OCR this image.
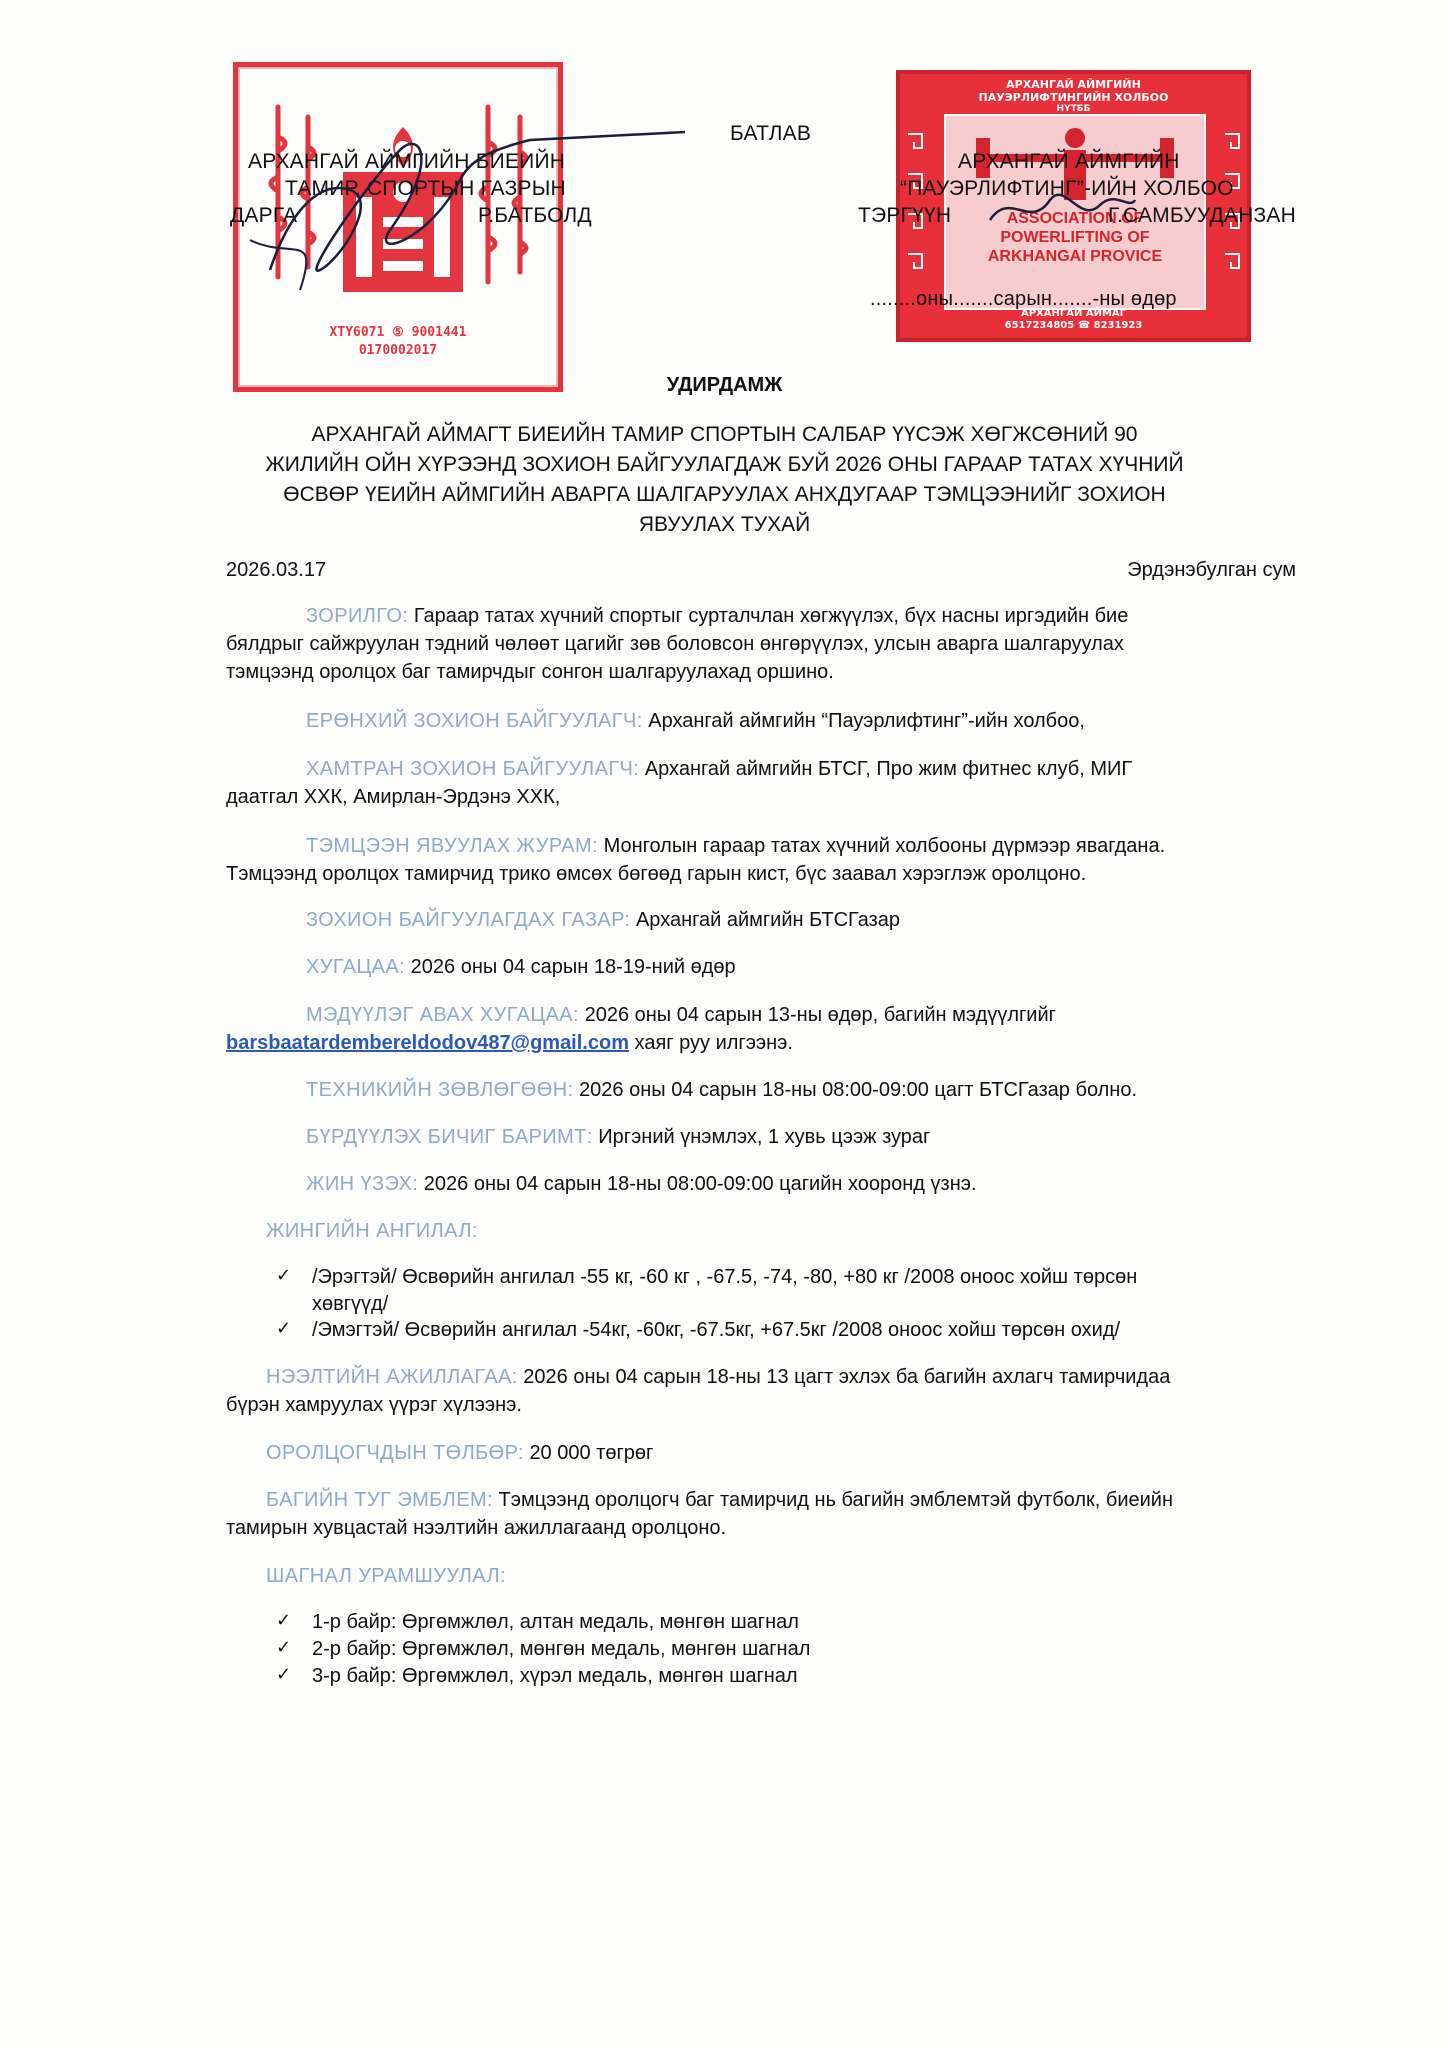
ХТҮ6071 ⑤ 9001441
0170002017
АРХАНГАЙ АЙМГИЙН
ПАУЭРЛИФТИНГИЙН ХОЛБОО
НҮТББ
ASSOCIATION OF
POWERLIFTING OF
ARKHANGAI PROVICE
АРХАНГАЙ АЙМАГ
6517234805 ☎ 8231923
АРХАНГАЙ АЙМГИЙН БИЕИЙН
ТАМИР, СПОРТЫН ГАЗРЫН
ДАРГА	Р.БАТБОЛД
БАТЛАВ
АРХАНГАЙ АЙМГИЙН
“ПАУЭРЛИФТИНГ”-ИЙН ХОЛБОО
ТЭРГҮҮН	Г.САМБУУДАНЗАН
........оны.......сарын.......-ны өдөр
УДИРДАМЖ
АРХАНГАЙ АЙМАГТ БИЕИЙН ТАМИР СПОРТЫН САЛБАР ҮҮСЭЖ ХӨГЖСӨНИЙ 90
ЖИЛИЙН ОЙН ХҮРЭЭНД ЗОХИОН БАЙГУУЛАГДАЖ БУЙ 2026 ОНЫ ГАРААР ТАТАХ ХҮЧНИЙ
ӨСВӨР ҮЕИЙН АЙМГИЙН АВАРГА ШАЛГАРУУЛАХ АНХДУГААР ТЭМЦЭЭНИЙГ ЗОХИОН
ЯВУУЛАХ ТУХАЙ
2026.03.17	Эрдэнэбулган сум
ЗОРИЛГО: Гараар татах хүчний спортыг сурталчлан хөгжүүлэх, бүх насны иргэдийн бие
бялдрыг сайжруулан тэдний чөлөөт цагийг зөв боловсон өнгөрүүлэх, улсын аварга шалгаруулах
тэмцээнд оролцох баг тамирчдыг сонгон шалгаруулахад оршино.
ЕРӨНХИЙ ЗОХИОН БАЙГУУЛАГЧ: Архангай аймгийн “Пауэрлифтинг”-ийн холбоо,
ХАМТРАН ЗОХИОН БАЙГУУЛАГЧ: Архангай аймгийн БТСГ, Про жим фитнес клуб, МИГ
даатгал ХХК, Амирлан-Эрдэнэ ХХК,
ТЭМЦЭЭН ЯВУУЛАХ ЖУРАМ: Монголын гараар татах хүчний холбооны дүрмээр явагдана.
Тэмцээнд оролцох тамирчид трико өмсөх бөгөөд гарын кист, бүс заавал хэрэглэж оролцоно.
ЗОХИОН БАЙГУУЛАГДАХ ГАЗАР: Архангай аймгийн БТСГазар
ХУГАЦАА: 2026 оны 04 сарын 18-19-ний өдөр
МЭДҮҮЛЭГ АВАХ ХУГАЦАА: 2026 оны 04 сарын 13-ны өдөр, багийн мэдүүлгийг
barsbaatardembereldodov487@gmail.com хаяг руу илгээнэ.
ТЕХНИКИЙН ЗӨВЛӨГӨӨН: 2026 оны 04 сарын 18-ны 08:00-09:00 цагт БТСГазар болно.
БҮРДҮҮЛЭХ БИЧИГ БАРИМТ: Иргэний үнэмлэх, 1 хувь цээж зураг
ЖИН ҮЗЭХ: 2026 оны 04 сарын 18-ны 08:00-09:00 цагийн хооронд үзнэ.
ЖИНГИЙН АНГИЛАЛ:
✓	/Эрэгтэй/ Өсвөрийн ангилал -55 кг, -60 кг , -67.5, -74, -80, +80 кг /2008 оноос хойш төрсөн
хөвгүүд/
✓	/Эмэгтэй/ Өсвөрийн ангилал -54кг, -60кг, -67.5кг, +67.5кг /2008 оноос хойш төрсөн охид/
НЭЭЛТИЙН АЖИЛЛАГАА: 2026 оны 04 сарын 18-ны 13 цагт эхлэх ба багийн ахлагч тамирчидаа
бүрэн хамруулах үүрэг хүлээнэ.
ОРОЛЦОГЧДЫН ТӨЛБӨР: 20 000 төгрөг
БАГИЙН ТУГ ЭМБЛЕМ: Тэмцээнд оролцогч баг тамирчид нь багийн эмблемтэй футболк, биеийн
тамирын хувцастай нээлтийн ажиллагаанд оролцоно.
ШАГНАЛ УРАМШУУЛАЛ:
✓	1-р байр: Өргөмжлөл, алтан медаль, мөнгөн шагнал
✓	2-р байр: Өргөмжлөл, мөнгөн медаль, мөнгөн шагнал
✓	3-р байр: Өргөмжлөл, хүрэл медаль, мөнгөн шагнал
